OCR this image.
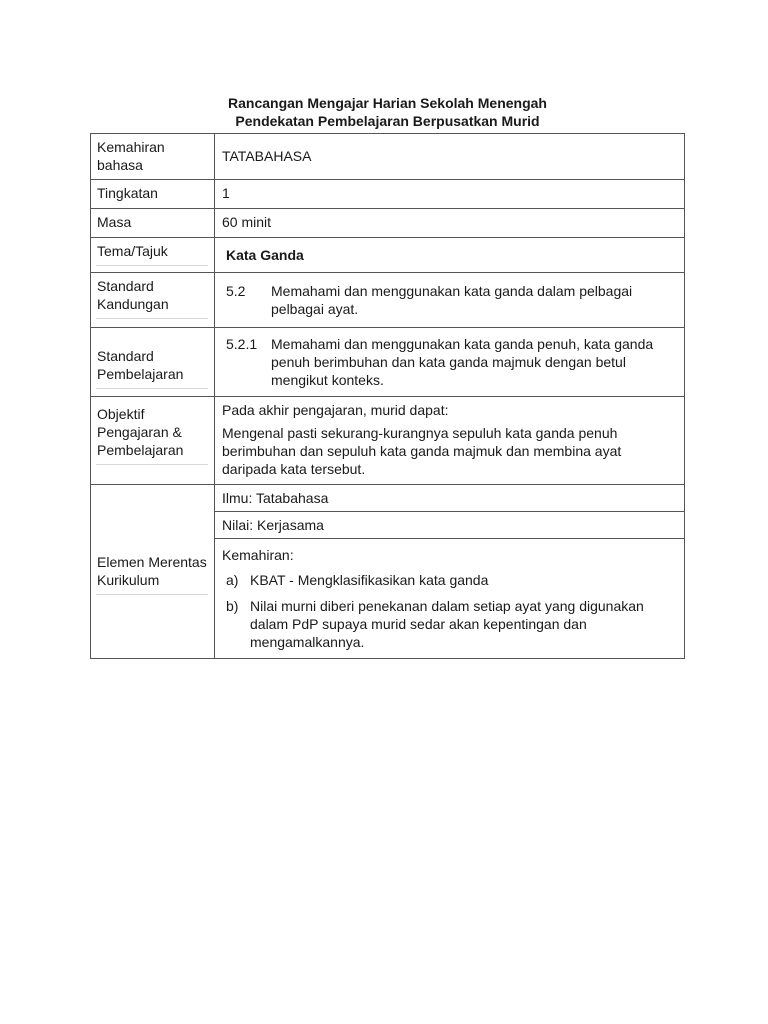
Rancangan Mengajar Harian Sekolah Menengah
Pendekatan Pembelajaran Berpusatkan Murid
Kemahiran bahasa	TATABAHASA

Tingkatan	1

Masa	60 minit

Tema/Tajuk	Kata Ganda

Standard Kandungan	5.2 Memahami dan menggunakan kata ganda dalam pelbagai pelbagai ayat.

Standard Pembelajaran	5.2.1 Memahami dan menggunakan kata ganda penuh, kata ganda penuh berimbuhan dan kata ganda majmuk dengan betul mengikut konteks.

Objektif Pengajaran & Pembelajaran	Pada akhir pengajaran, murid dapat:

Mengenal pasti sekurang-kurangnya sepuluh kata ganda penuh berimbuhan dan sepuluh kata ganda majmuk dan membina ayat daripada kata tersebut.

Elemen Merentas Kurikulum	Ilmu: Tatabahasa
	Nilai: Kerjasama

	Kemahiran:
a) KBAT - Mengklasifikasikan kata ganda
b) Nilai murni diberi penekanan dalam setiap ayat yang digunakan dalam PdP supaya murid sedar akan kepentingan dan mengamalkannya.
